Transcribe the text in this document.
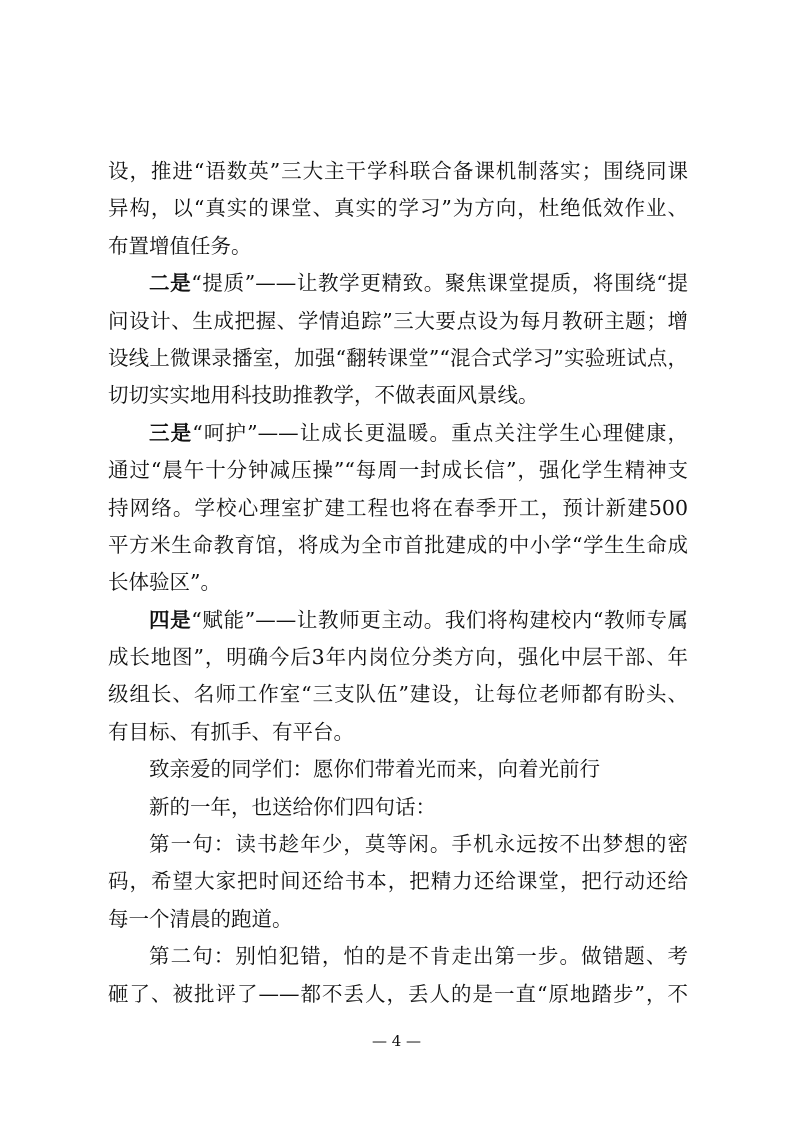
设，推进“语数英”三大主干学科联合备课机制落实；围绕同课
异构，以“真实的课堂、真实的学习”为方向，杜绝低效作业、
布置增值任务。
二是“提质”——让教学更精致。聚焦课堂提质，将围绕“提
问设计、生成把握、学情追踪”三大要点设为每月教研主题；增
设线上微课录播室，加强“翻转课堂”“混合式学习”实验班试点，
切切实实地用科技助推教学，不做表面风景线。
三是“呵护”——让成长更温暖。重点关注学生心理健康，
通过“晨午十分钟减压操”“每周一封成长信”，强化学生精神支
持网络。学校心理室扩建工程也将在春季开工，预计新建500
平方米生命教育馆，将成为全市首批建成的中小学“学生生命成
长体验区”。
四是“赋能”——让教师更主动。我们将构建校内“教师专属
成长地图”，明确今后3年内岗位分类方向，强化中层干部、年
级组长、名师工作室“三支队伍”建设，让每位老师都有盼头、
有目标、有抓手、有平台。
致亲爱的同学们：愿你们带着光而来，向着光前行
新的一年，也送给你们四句话：
第一句：读书趁年少，莫等闲。手机永远按不出梦想的密
码，希望大家把时间还给书本，把精力还给课堂，把行动还给
每一个清晨的跑道。
第二句：别怕犯错，怕的是不肯走出第一步。做错题、考
砸了、被批评了——都不丢人，丢人的是一直“原地踏步”，不
— 4 —
